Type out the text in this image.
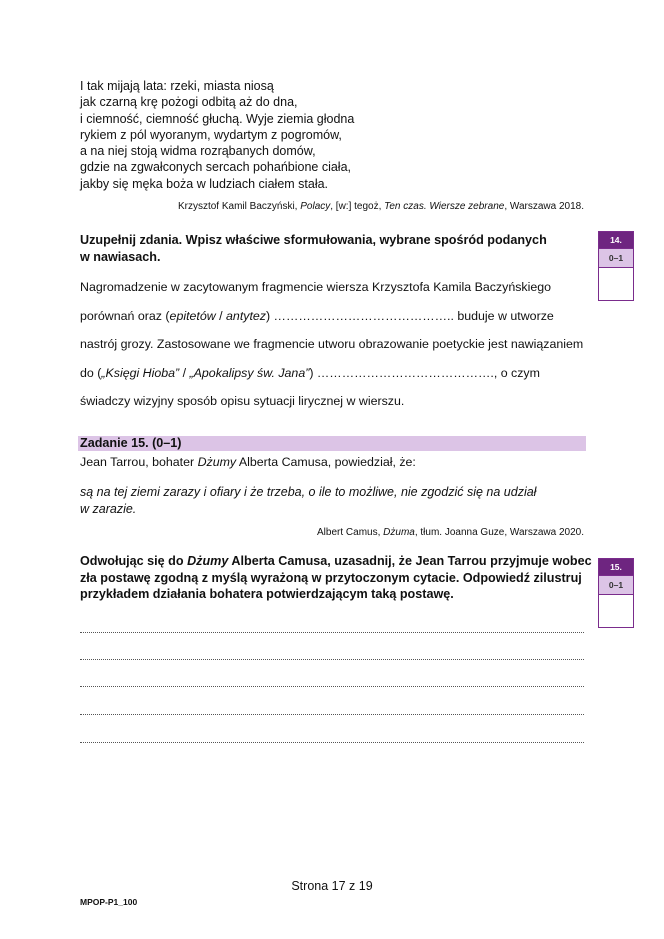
I tak mijają lata: rzeki, miasta niosą
jak czarną krę pożogi odbitą aż do dna,
i ciemność, ciemność głuchą. Wyje ziemia głodna
rykiem z pól wyoranym, wydartym z pogromów,
a na niej stoją widma rozrąbanych domów,
gdzie na zgwałconych sercach pohańbione ciała,
jakby się męka boża w ludziach ciałem stała.
Krzysztof Kamil Baczyński, Polacy, [w:] tegoż, Ten czas. Wiersze zebrane, Warszawa 2018.
Uzupełnij zdania. Wpisz właściwe sformułowania, wybrane spośród podanych
w nawiasach.
14.
0–1
Nagromadzenie w zacytowanym fragmencie wiersza Krzysztofa Kamila Baczyńskiego
porównań oraz (epitetów / antytez) …………………………………….. buduje w utworze
nastrój grozy. Zastosowane we fragmencie utworu obrazowanie poetyckie jest nawiązaniem
do („Księgi Hioba” / „Apokalipsy św. Jana”) ……………………………………., o czym
świadczy wizyjny sposób opisu sytuacji lirycznej w wierszu.
Zadanie 15. (0–1)
Jean Tarrou, bohater Dżumy Alberta Camusa, powiedział, że:
są na tej ziemi zarazy i ofiary i że trzeba, o ile to możliwe, nie zgodzić się na udział
w zarazie.
Albert Camus, Dżuma, tłum. Joanna Guze, Warszawa 2020.
Odwołując się do Dżumy Alberta Camusa, uzasadnij, że Jean Tarrou przyjmuje wobec
zła postawę zgodną z myślą wyrażoną w przytoczonym cytacie. Odpowiedź zilustruj
przykładem działania bohatera potwierdzającym taką postawę.
15.
0–1
Strona 17 z 19
MPOP-P1_100
